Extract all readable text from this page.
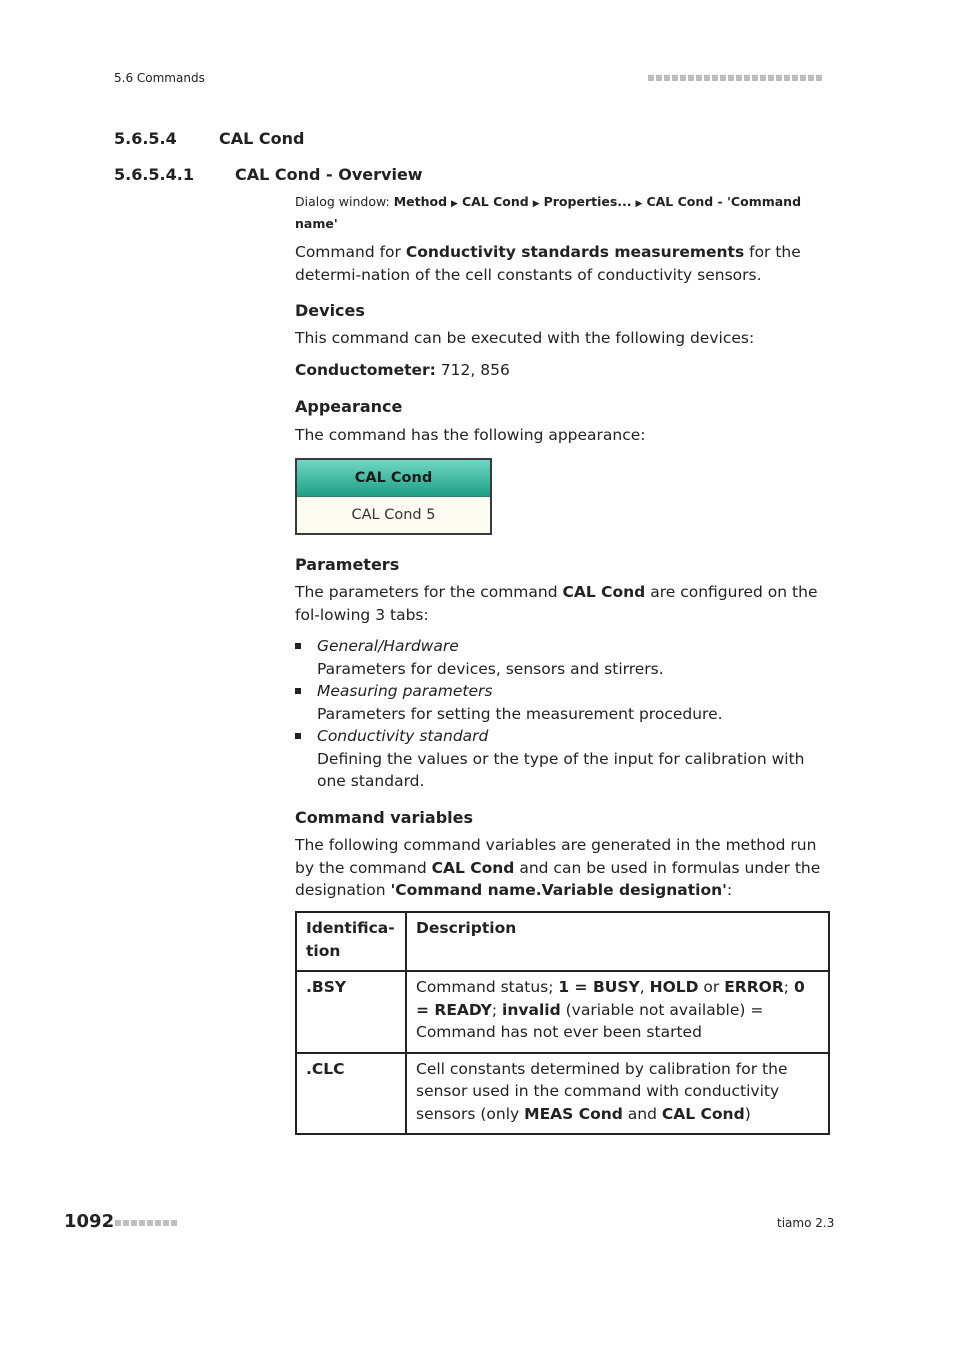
5.6 Commands
5.6.5.4	CAL Cond
5.6.5.4.1	CAL Cond - Overview
Dialog window: Method ▶ CAL Cond ▶ Properties... ▶ CAL Cond - 'Command name'
Command for Conductivity standards measurements for the determi-nation of the cell constants of conductivity sensors.
Devices
This command can be executed with the following devices:
Conductometer: 712, 856
Appearance
The command has the following appearance:
CAL Cond
CAL Cond 5
Parameters
The parameters for the command CAL Cond are configured on the fol-lowing 3 tabs:
General/Hardware
Parameters for devices, sensors and stirrers.
Measuring parameters
Parameters for setting the measurement procedure.
Conductivity standard
Defining the values or the type of the input for calibration with one standard.
Command variables
The following command variables are generated in the method run by the command CAL Cond and can be used in formulas under the designation 'Command name.Variable designation':
Identifica-tion	Description
.BSY	Command status; 1 = BUSY, HOLD or ERROR; 0 = READY; invalid (variable not available) = Command has not ever been started
.CLC	Cell constants determined by calibration for the sensor used in the command with conductivity sensors (only MEAS Cond and CAL Cond)
1092	tiamo 2.3
